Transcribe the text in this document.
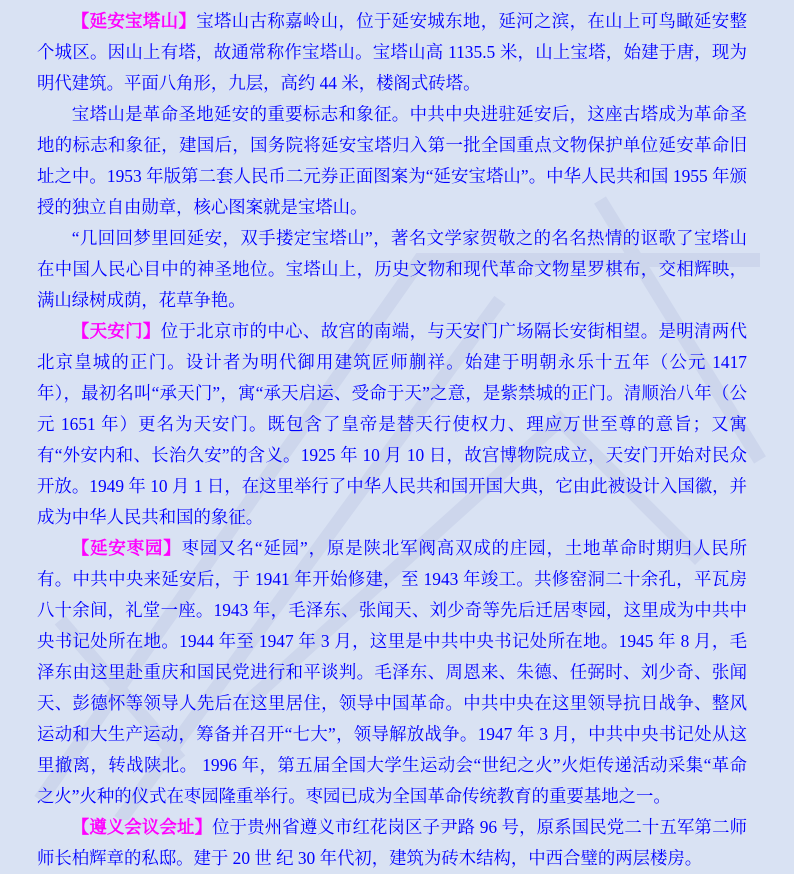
【延安宝塔山】宝塔山古称嘉岭山，位于延安城东地，延河之滨，在山上可鸟瞰延安整个城区。因山上有塔，故通常称作宝塔山。宝塔山高 1135.5 米，山上宝塔，始建于唐，现为明代建筑。平面八角形，九层，高约 44 米，楼阁式砖塔。

宝塔山是革命圣地延安的重要标志和象征。中共中央进驻延安后，这座古塔成为革命圣地的标志和象征，建国后，国务院将延安宝塔归入第一批全国重点文物保护单位延安革命旧址之中。1953 年版第二套人民币二元券正面图案为“延安宝塔山”。中华人民共和国 1955 年颁授的独立自由勋章，核心图案就是宝塔山。

“几回回梦里回延安，双手搂定宝塔山”，著名文学家贺敬之的名名热情的讴歌了宝塔山在中国人民心目中的神圣地位。宝塔山上，历史文物和现代革命文物星罗棋布，交相辉映，满山绿树成荫，花草争艳。

【天安门】位于北京市的中心、故宫的南端，与天安门广场隔长安街相望。是明清两代北京皇城的正门。设计者为明代御用建筑匠师蒯祥。始建于明朝永乐十五年（公元 1417 年），最初名叫“承天门”，寓“承天启运、受命于天”之意，是紫禁城的正门。清顺治八年（公元 1651 年）更名为天安门。既包含了皇帝是替天行使权力、理应万世至尊的意旨；又寓有“外安内和、长治久安”的含义。1925 年 10 月 10 日，故宫博物院成立，天安门开始对民众开放。1949 年 10 月 1 日，在这里举行了中华人民共和国开国大典，它由此被设计入国徽，并成为中华人民共和国的象征。

【延安枣园】枣园又名“延园”，原是陕北军阀高双成的庄园，土地革命时期归人民所有。中共中央来延安后，于 1941 年开始修建，至 1943 年竣工。共修窑洞二十余孔，平瓦房八十余间，礼堂一座。1943 年，毛泽东、张闻天、刘少奇等先后迁居枣园，这里成为中共中央书记处所在地。1944 年至 1947 年 3 月，这里是中共中央书记处所在地。1945 年 8 月，毛泽东由这里赴重庆和国民党进行和平谈判。毛泽东、周恩来、朱德、任弼时、刘少奇、张闻天、彭德怀等领导人先后在这里居住，领导中国革命。中共中央在这里领导抗日战争、整风运动和大生产运动，筹备并召开“七大”，领导解放战争。1947 年 3 月，中共中央书记处从这里撤离，转战陕北。 1996 年，第五届全国大学生运动会“世纪之火”火炬传递活动采集“革命之火”火种的仪式在枣园隆重举行。枣园已成为全国革命传统教育的重要基地之一。

【遵义会议会址】位于贵州省遵义市红花岗区子尹路 96 号，原系国民党二十五军第二师师长柏辉章的私邸。建于 20 世 纪 30 年代初，建筑为砖木结构，中西合璧的两层楼房。
